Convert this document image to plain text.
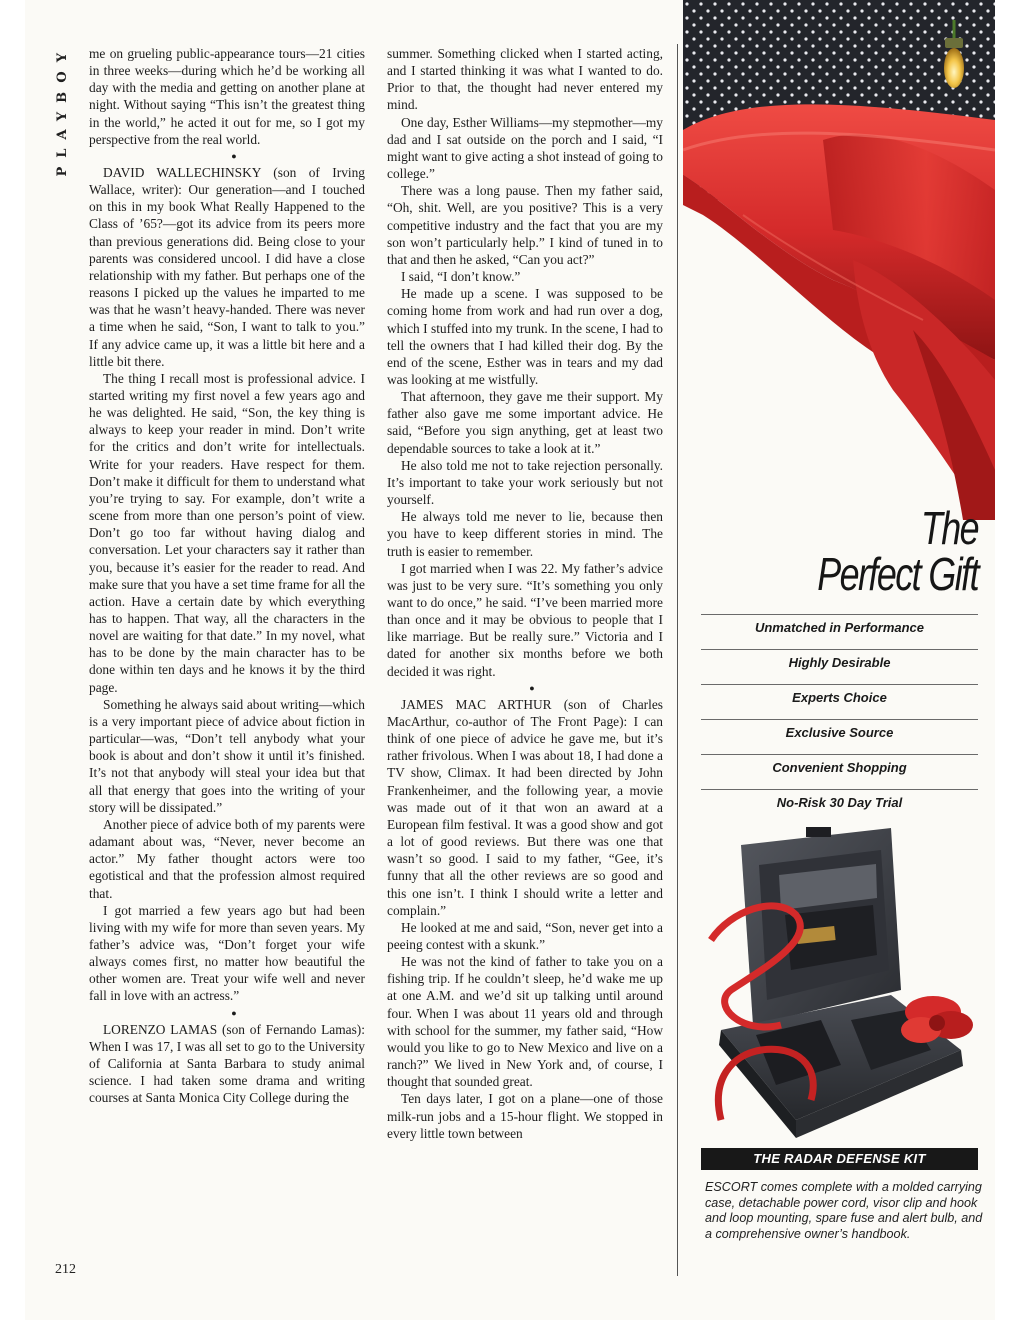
PLAYBOY me on grueling public-appearance tours—21 cities in three weeks—during which he’d be working all day with the media and getting on another plane at night. Without saying “This isn’t the greatest thing in the world,” he acted it out for me, so I got my perspective from the real world.

●

DAVID WALLECHINSKY (son of Irving Wallace, writer): Our generation—and I touched on this in my book What Really Happened to the Class of ’65?—got its advice from its peers more than previous generations did. Being close to your parents was considered uncool. I did have a close relationship with my father. But perhaps one of the reasons I picked up the values he imparted to me was that he wasn’t heavy-handed. There was never a time when he said, “Son, I want to talk to you.” If any advice came up, it was a little bit here and a little bit there.

The thing I recall most is professional advice. I started writing my first novel a few years ago and he was delighted. He said, “Son, the key thing is always to keep your reader in mind. Don’t write for the critics and don’t write for intellectuals. Write for your readers. Have respect for them. Don’t make it difficult for them to understand what you’re trying to say. For example, don’t write a scene from more than one person’s point of view. Don’t go too far without having dialog and conversation. Let your characters say it rather than you, because it’s easier for the reader to read. And make sure that you have a set time frame for all the action. Have a certain date by which everything has to happen. That way, all the characters in the novel are waiting for that date.” In my novel, what has to be done by the main character has to be done within ten days and he knows it by the third page.

Something he always said about writing—which is a very important piece of advice about fiction in particular—was, “Don’t tell anybody what your book is about and don’t show it until it’s finished. It’s not that anybody will steal your idea but that all that energy that goes into the writing of your story will be dissipated.”

Another piece of advice both of my parents were adamant about was, “Never, never become an actor.” My father thought actors were too egotistical and that the profession almost required that.

I got married a few years ago but had been living with my wife for more than seven years. My father’s advice was, “Don’t forget your wife always comes first, no matter how beautiful the other women are. Treat your wife well and never fall in love with an actress.”

●

LORENZO LAMAS (son of Fernando Lamas): When I was 17, I was all set to go to the University of California at Santa Barbara to study animal science. I had taken some drama and writing courses at Santa Monica City College during the

summer. Something clicked when I started acting, and I started thinking it was what I wanted to do. Prior to that, the thought had never entered my mind.

One day, Esther Williams—my stepmother—my dad and I sat outside on the porch and I said, “I might want to give acting a shot instead of going to college.”

There was a long pause. Then my father said, “Oh, shit. Well, are you positive? This is a very competitive industry and the fact that you are my son won’t particularly help.” I kind of tuned in to that and then he asked, “Can you act?”

I said, “I don’t know.”

He made up a scene. I was supposed to be coming home from work and had run over a dog, which I stuffed into my trunk. In the scene, I had to tell the owners that I had killed their dog. By the end of the scene, Esther was in tears and my dad was looking at me wistfully.

That afternoon, they gave me their support. My father also gave me some important advice. He said, “Before you sign anything, get at least two dependable sources to take a look at it.”

He also told me not to take rejection personally. It’s important to take your work seriously but not yourself.

He always told me never to lie, because then you have to keep different stories in mind. The truth is easier to remember.

I got married when I was 22. My father’s advice was just to be very sure. “It’s something you only want to do once,” he said. “I’ve been married more than once and it may be obvious to people that I like marriage. But be really sure.” Victoria and I dated for another six months before we both decided it was right.

●

JAMES MAC ARTHUR (son of Charles MacArthur, co-author of The Front Page): I can think of one piece of advice he gave me, but it’s rather frivolous. When I was about 18, I had done a TV show, Climax. It had been directed by John Frankenheimer, and the following year, a movie was made out of it that won an award at a European film festival. It was a good show and got a lot of good reviews. But there was one that wasn’t so good. I said to my father, “Gee, it’s funny that all the other reviews are so good and this one isn’t. I think I should write a letter and complain.”

He looked at me and said, “Son, never get into a peeing contest with a skunk.”

He was not the kind of father to take you on a fishing trip. If he couldn’t sleep, he’d wake me up at one A.M. and we’d sit up talking until around four. When I was about 11 years old and through with school for the summer, my father said, “How would you like to go to New Mexico and live on a ranch?” We lived in New York and, of course, I thought that sounded great.

Ten days later, I got on a plane—one of those milk-run jobs and a 15-hour flight. We stopped in every little town between

212
The
Perfect Gift
Unmatched in Performance
Highly Desirable
Experts Choice
Exclusive Source
Convenient Shopping
No-Risk 30 Day Trial
THE RADAR DEFENSE KIT
ESCORT comes complete with a molded carrying case, detachable power cord, visor clip and hook and loop mounting, spare fuse and alert bulb, and a comprehensive owner’s handbook.
